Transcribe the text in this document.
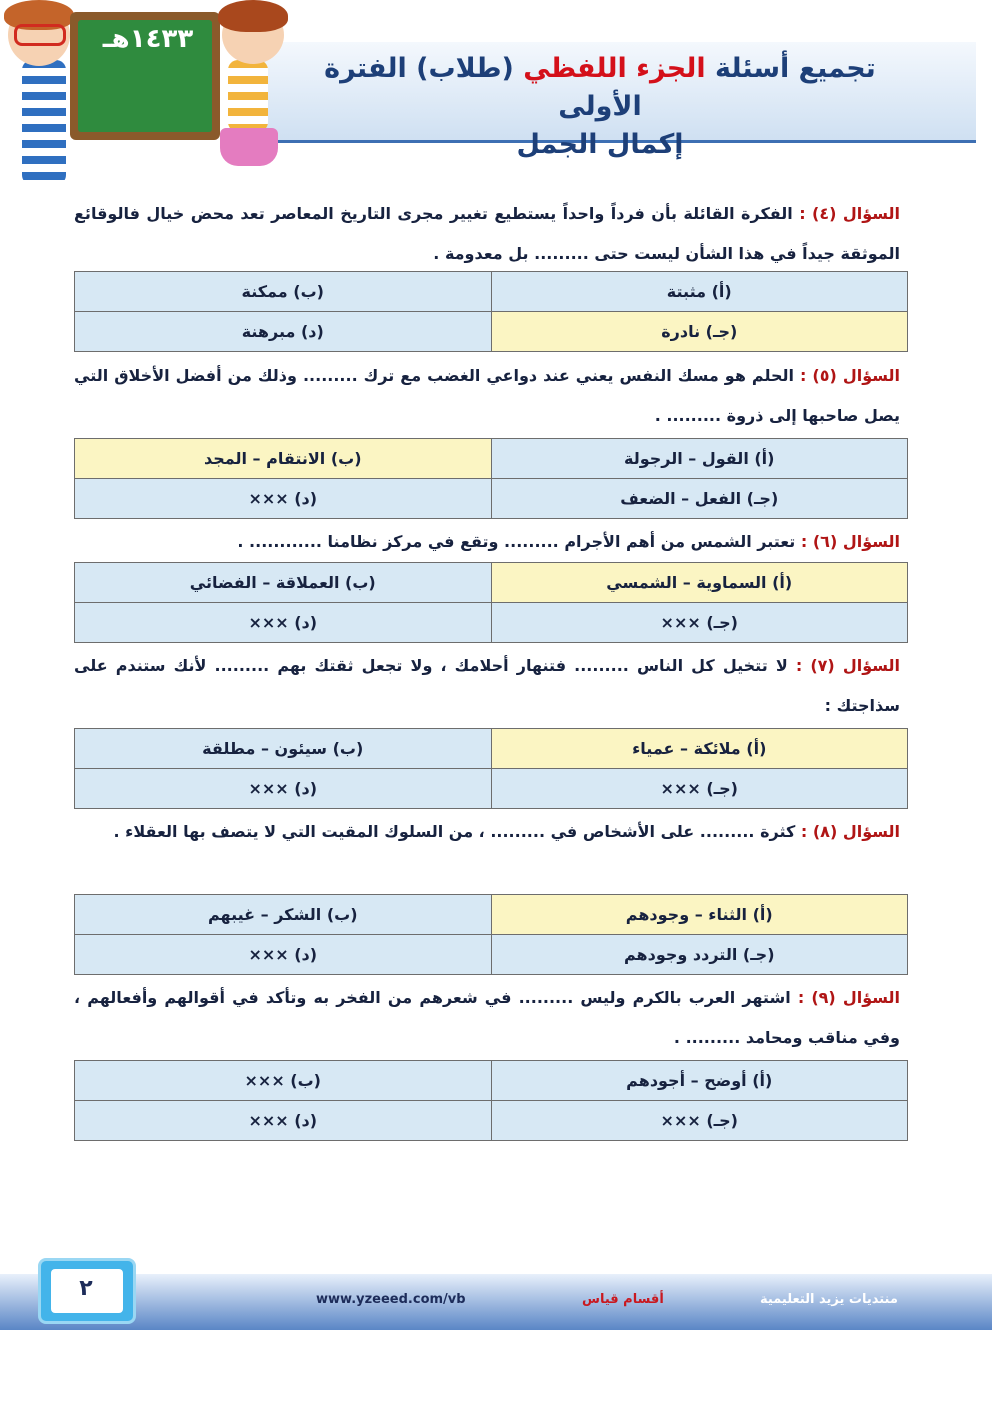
١٤٣٣هـ
تجميع أسئلة الجزء اللفظي (طلاب) الفترة الأولى
إكمال الجمل
السؤال (٤) : الفكرة القائلة بأن فرداً واحداً يستطيع تغيير مجرى التاريخ المعاصر تعد محض خيال فالوقائع الموثقة جيداً في هذا الشأن ليست حتى ......... بل معدومة .
(أ) مثبتة	(ب) ممكنة
(جـ) نادرة	(د) مبرهنة
السؤال (٥) : الحلم هو مسك النفس يعني عند دواعي الغضب مع ترك ......... وذلك من أفضل الأخلاق التي يصل صاحبها إلى ذروة ......... .
(أ) القول – الرجولة	(ب) الانتقام – المجد
(جـ) الفعل – الضعف	(د) ×××
السؤال (٦) : تعتبر الشمس من أهم الأجرام ......... وتقع في مركز نظامنا ............ .
(أ) السماوية – الشمسي	(ب) العملاقة – الفضائي
(جـ) ×××	(د) ×××
السؤال (٧) : لا تتخيل كل الناس ......... فتنهار أحلامك ، ولا تجعل ثقتك بهم ......... لأنك ستندم على سذاجتك :
(أ) ملائكة – عمياء	(ب) سيئون – مطلقة
(جـ) ×××	(د) ×××
السؤال (٨) : كثرة ......... على الأشخاص في ......... ، من السلوك المقيت التي لا يتصف بها العقلاء .
(أ) الثناء – وجودهم	(ب) الشكر – غيبهم
(جـ) التردد وجودهم	(د) ×××
السؤال (٩) : اشتهر العرب بالكرم وليس ......... في شعرهم من الفخر به وتأكد في أقوالهم وأفعالهم ، وفي مناقب ومحامد ......... .
(أ) أوضح – أجودهم	(ب) ×××
(جـ) ×××	(د) ×××
٢	www.yzeeed.com/vb	أقسام قياس	منتديات يزيد التعليمية
